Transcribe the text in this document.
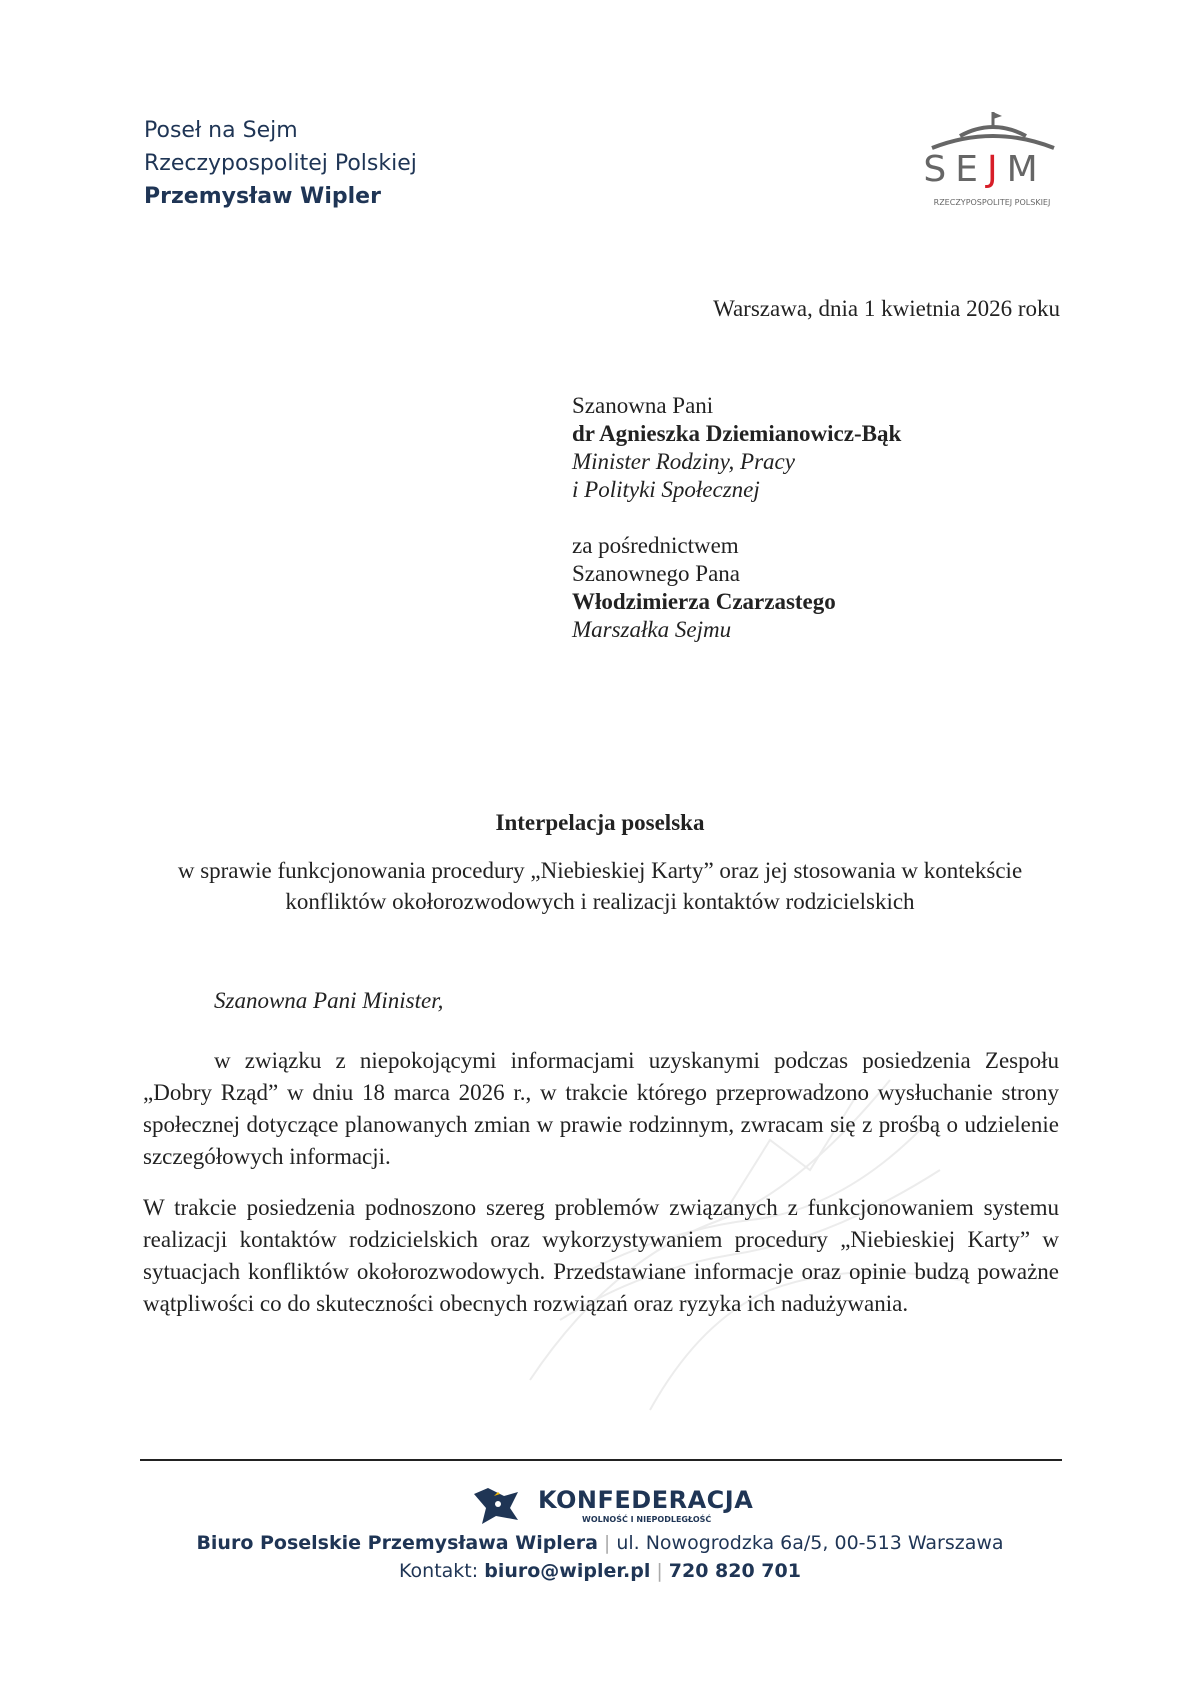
Poseł na Sejm
Rzeczypospolitej Polskiej
Przemysław Wipler
SEJM
RZECZYPOSPOLITEJ POLSKIEJ
Warszawa, dnia 1 kwietnia 2026 roku
Szanowna Pani
dr Agnieszka Dziemianowicz-Bąk
Minister Rodziny, Pracy
i Polityki Społecznej
za pośrednictwem
Szanownego Pana
Włodzimierza Czarzastego
Marszałka Sejmu
Interpelacja poselska
w sprawie funkcjonowania procedury „Niebieskiej Karty” oraz jej stosowania w kontekście
konfliktów okołorozwodowych i realizacji kontaktów rodzicielskich
Szanowna Pani Minister,

w związku z niepokojącymi informacjami uzyskanymi podczas posiedzenia Zespołu „Dobry Rząd” w dniu 18 marca 2026 r., w trakcie którego przeprowadzono wysłuchanie strony społecznej dotyczące planowanych zmian w prawie rodzinnym, zwracam się z prośbą o udzielenie szczegółowych informacji.

W trakcie posiedzenia podnoszono szereg problemów związanych z funkcjonowaniem systemu realizacji kontaktów rodzicielskich oraz wykorzystywaniem procedury „Niebieskiej Karty” w sytuacjach konfliktów okołorozwodowych. Przedstawiane informacje oraz opinie budzą poważne wątpliwości co do skuteczności obecnych rozwiązań oraz ryzyka ich nadużywania.

KONFEDERACJA
WOLNOŚĆ I NIEPODLEGŁOŚĆ
Biuro Poselskie Przemysława Wiplera | ul. Nowogrodzka 6a/5, 00-513 Warszawa
Kontakt: biuro@wipler.pl | 720 820 701
